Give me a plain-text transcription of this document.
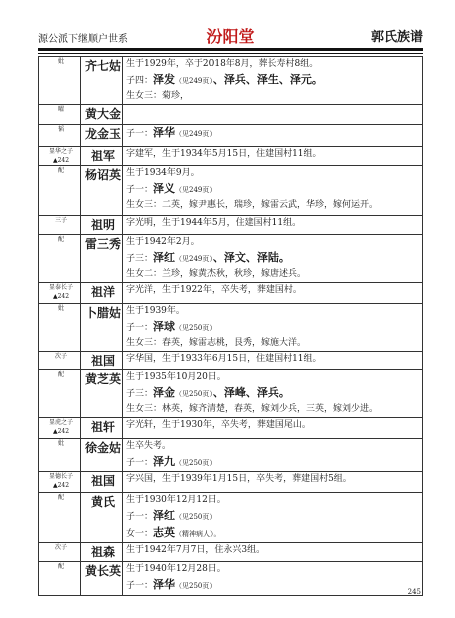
源公派下继顺户世系	汾阳堂	郭氏族谱
妣	齐七姑	生于1929年，卒于2018年8月，葬长寿村8组。
子四：泽发（见249页）、泽兵、泽生、泽元。
生女三：菊珍，

曜	黄大金	

韬	龙金玉	子一：泽华（见249页）

显华之子
▲242	祖军	字建军，生于1934年5月15日，住建国村11组。

配	杨诏英	生于1934年9月。
子一：泽义（见249页）
生女三：二英，嫁尹惠长，瑞珍，嫁雷云武，华珍，嫁何运开。

三子	祖明	字光明，生于1944年5月，住建国村11组。

配	雷三秀	生于1942年2月。
子三：泽红（见249页）、泽文、泽陆。
生女二：兰珍，嫁黄杰秋，秋珍，嫁唐述兵。

显泰长子
▲242	祖洋	字光洋，生于1922年，卒失考，葬建国村。

妣	卜腊姑	生于1939年。
子一：泽球（见250页）
生女三：春英，嫁雷志桃，艮秀，嫁施大洋。

次子	祖国	字华国，生于1933年6月15日，住建国村11组。

配	黄芝英	生于1935年10月20日。
子三：泽金（见250页）、泽峰、泽兵。
生女三：林英，嫁齐清楚，春英，嫁刘少兵，三英，嫁刘少进。

显虎之子
▲242	祖轩	字光轩，生于1930年，卒失考，葬建国尾山。

妣	徐金姑	生卒失考。
子一：泽九（见250页）

显德长子
▲242	祖国	字兴国，生于1939年1月15日，卒失考，葬建国村5组。

配	黄氏	生于1930年12月12日。
子一：泽红（见250页）
女一：志英（精神病人）。

次子	祖森	生于1942年7月7日，住永兴3组。

配	黄长英	生于1940年12月28日。
子一：泽华（见250页）
245
